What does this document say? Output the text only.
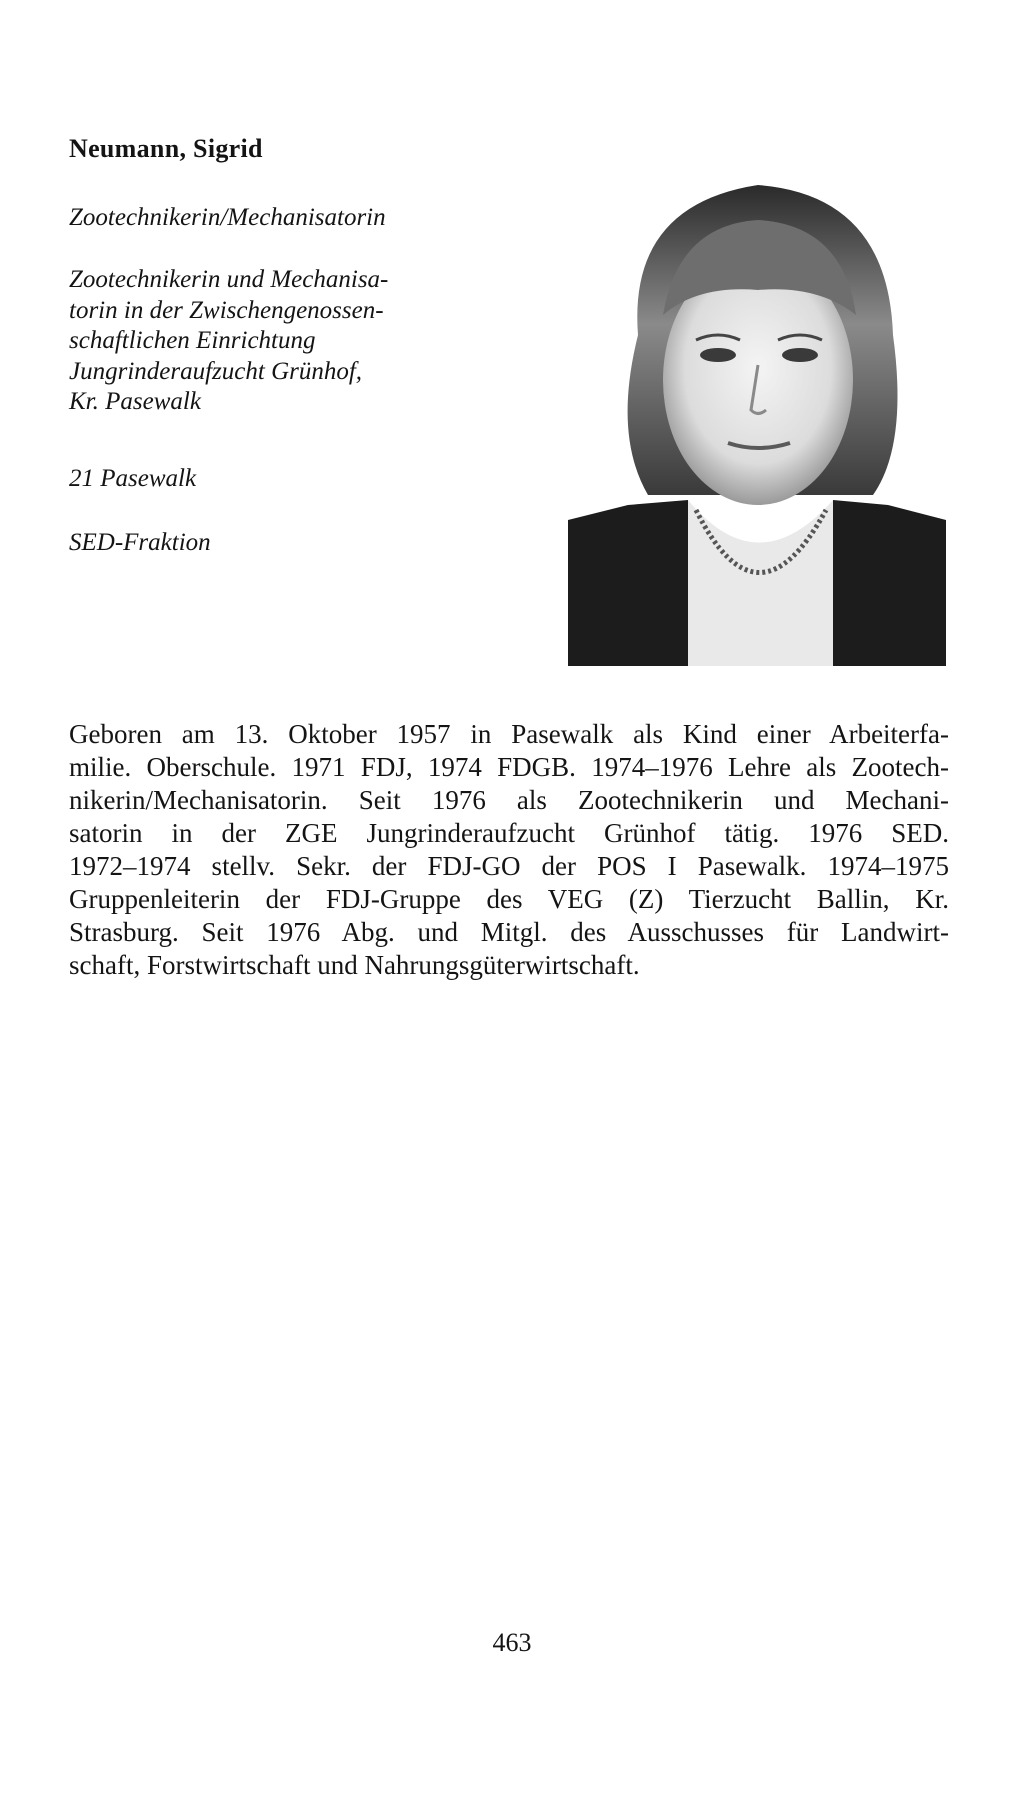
Neumann, Sigrid

Zootechnikerin/Mechanisatorin

Zootechnikerin und Mechanisa-
torin in der Zwischengenossen-
schaftlichen Einrichtung
Jungrinderaufzucht Grünhof,
Kr. Pasewalk

21 Pasewalk

SED-Fraktion

Geboren am 13. Oktober 1957 in Pasewalk als Kind einer Arbeiterfa-
milie. Oberschule. 1971 FDJ, 1974 FDGB. 1974–1976 Lehre als Zootech-
nikerin/Mechanisatorin. Seit 1976 als Zootechnikerin und Mechani-
satorin in der ZGE Jungrinderaufzucht Grünhof tätig. 1976 SED.
1972–1974 stellv. Sekr. der FDJ-GO der POS I Pasewalk. 1974–1975
Gruppenleiterin der FDJ-Gruppe des VEG (Z) Tierzucht Ballin, Kr.
Strasburg. Seit 1976 Abg. und Mitgl. des Ausschusses für Landwirt-
schaft, Forstwirtschaft und Nahrungsgüterwirtschaft.

463
